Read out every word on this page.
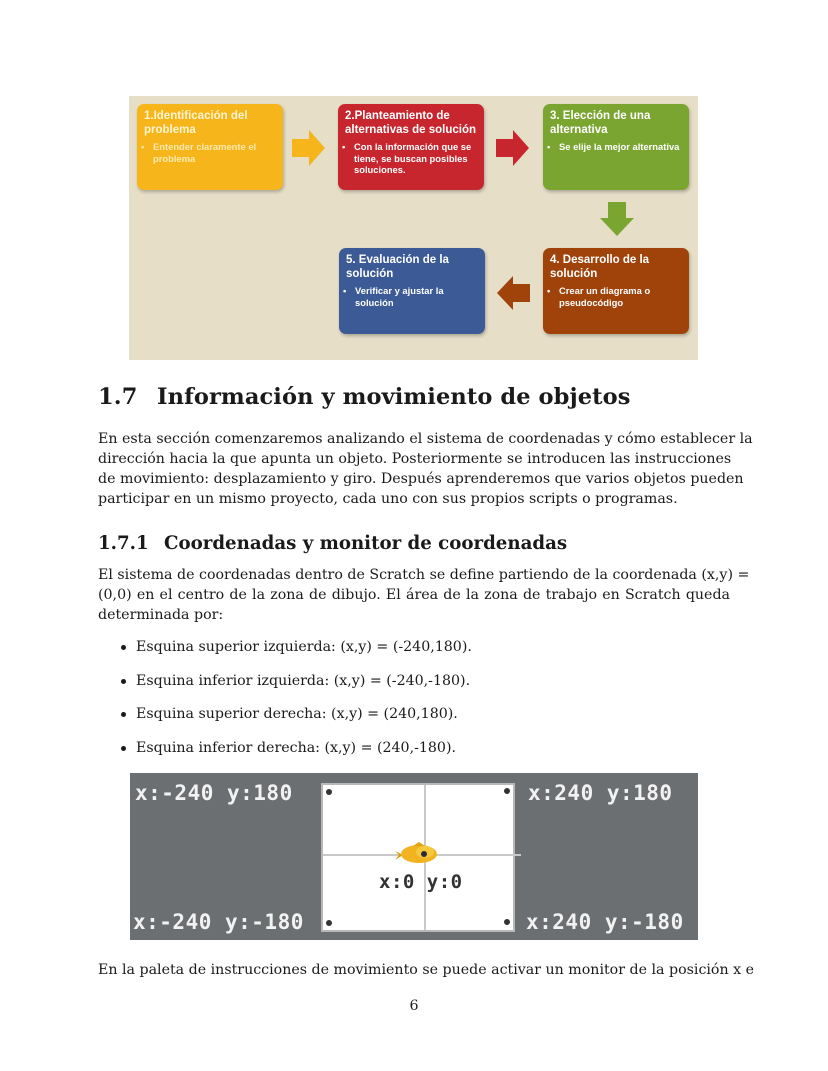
1.Identificación del problema
• Entender claramente el problema
2.Planteamiento de alternativas de solución
• Con la información que se tiene, se buscan posibles soluciones.
3. Elección de una alternativa
• Se elije la mejor alternativa
4. Desarrollo de la solución
• Crear un diagrama o pseudocódigo
5. Evaluación de la solución
• Verificar y ajustar la solución
1.7 Información y movimiento de objetos
En esta sección comenzaremos analizando el sistema de coordenadas y cómo establecer la
dirección hacia la que apunta un objeto. Posteriormente se introducen las instrucciones
de movimiento: desplazamiento y giro. Después aprenderemos que varios objetos pueden
participar en un mismo proyecto, cada uno con sus propios scripts o programas.
1.7.1 Coordenadas y monitor de coordenadas
El sistema de coordenadas dentro de Scratch se define partiendo de la coordenada (x,y) =
(0,0) en el centro de la zona de dibujo. El área de la zona de trabajo en Scratch queda
determinada por:
Esquina superior izquierda: (x,y) = (-240,180).
Esquina inferior izquierda: (x,y) = (-240,-180).
Esquina superior derecha: (x,y) = (240,180).
Esquina inferior derecha: (x,y) = (240,-180).
x:-240 y:180
x:-240 y:-180
x:240 y:180
x:240 y:-180
x:0 y:0
En la paleta de instrucciones de movimiento se puede activar un monitor de la posición x e
6
